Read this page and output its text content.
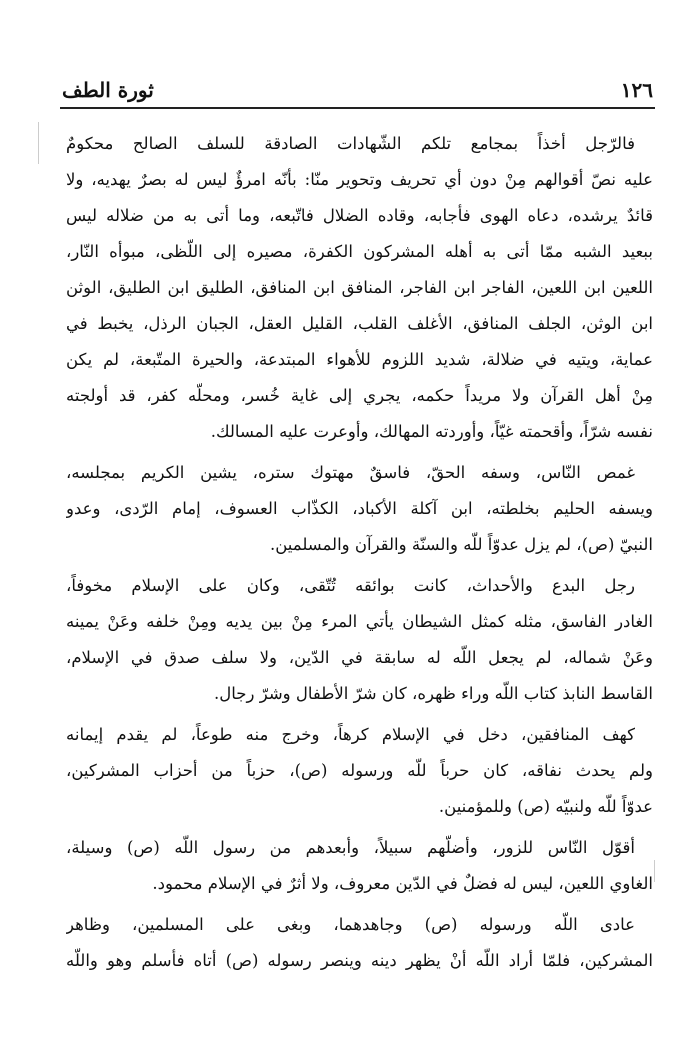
١٢٦
ثورة الطف
فالرّجل أخذاً بمجامع تلكم الشّهادات الصادقة للسلف الصالح محكومٌ
عليه نصّ أقوالهم مِنْ دون أي تحريف وتحوير منّا: بأنّه امرؤٌ ليس له بصرٌ يهديه، ولا
قائدٌ يرشده، دعاه الهوى فأجابه، وقاده الضلال فاتّبعه، وما أتى به من ضلاله ليس
ببعيد الشبه ممّا أتى به أهله المشركون الكفرة، مصيره إلى اللّظى، مبوأه النّار،
اللعين ابن اللعين، الفاجر ابن الفاجر، المنافق ابن المنافق، الطليق ابن الطليق، الوثن
ابن الوثن، الجلف المنافق، الأغلف القلب، القليل العقل، الجبان الرذل، يخبط في
عماية، ويتيه في ضلالة، شديد اللزوم للأهواء المبتدعة، والحيرة المتّبعة، لم يكن
مِنْ أهل القرآن ولا مريداً حكمه، يجري إلى غاية خُسر، ومحلّه كفر، قد أولجته
نفسه شرّاً، وأقحمته غيّاً، وأوردته المهالك، وأوعرت عليه المسالك.
غمص النّاس، وسفه الحقّ، فاسقٌ مهتوك ستره، يشين الكريم بمجلسه،
ويسفه الحليم بخلطته، ابن آكلة الأكباد، الكذّاب العسوف، إمام الرّدى، وعدو
النبيّ (ص)، لم يزل عدوّاً للّه والسنّة والقرآن والمسلمين.
رجل البدع والأحداث، كانت بوائقه تُتّقى، وكان على الإسلام مخوفاً،
الغادر الفاسق، مثله كمثل الشيطان يأتي المرء مِنْ بين يديه ومِنْ خلفه وعَنْ يمينه
وعَنْ شماله، لم يجعل اللّه له سابقة في الدّين، ولا سلف صدق في الإسلام،
القاسط النابذ كتاب اللّه وراء ظهره، كان شرّ الأطفال وشرّ رجال.
كهف المنافقين، دخل في الإسلام كرهاً، وخرج منه طوعاً، لم يقدم إيمانه
ولم يحدث نفاقه، كان حرباً للّه ورسوله (ص)، حزباً من أحزاب المشركين،
عدوّاً للّه ولنبيّه (ص) وللمؤمنين.
أقوّل النّاس للزور، وأضلّهم سبيلاً، وأبعدهم من رسول اللّه (ص) وسيلة،
الغاوي اللعين، ليس له فضلٌ في الدّين معروف، ولا أثرٌ في الإسلام محمود.
عادى اللّه ورسوله (ص) وجاهدهما، وبغى على المسلمين، وظاهر
المشركين، فلمّا أراد اللّه أنْ يظهر دينه وينصر رسوله (ص) أتاه فأسلم وهو واللّه
